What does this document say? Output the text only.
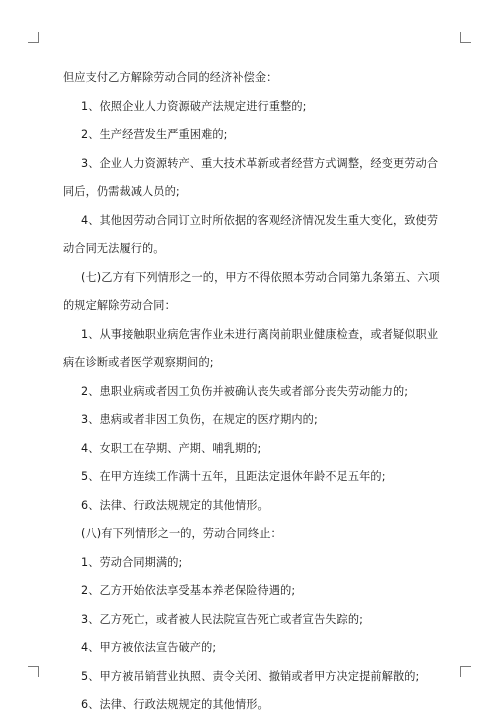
但应支付乙方解除劳动合同的经济补偿金：

1、依照企业人力资源破产法规定进行重整的;

2、生产经营发生严重困难的;

3、企业人力资源转产、重大技术革新或者经营方式调整，经变更劳动合同后，仍需裁减人员的;

4、其他因劳动合同订立时所依据的客观经济情况发生重大变化，致使劳动合同无法履行的。

(七)乙方有下列情形之一的，甲方不得依照本劳动合同第九条第五、六项的规定解除劳动合同：

1、从事接触职业病危害作业未进行离岗前职业健康检查，或者疑似职业病在诊断或者医学观察期间的;

2、患职业病或者因工负伤并被确认丧失或者部分丧失劳动能力的;

3、患病或者非因工负伤，在规定的医疗期内的;

4、女职工在孕期、产期、哺乳期的;

5、在甲方连续工作满十五年，且距法定退休年龄不足五年的;

6、法律、行政法规规定的其他情形。

(八)有下列情形之一的，劳动合同终止：

1、劳动合同期满的;

2、乙方开始依法享受基本养老保险待遇的;

3、乙方死亡，或者被人民法院宣告死亡或者宣告失踪的;

4、甲方被依法宣告破产的;

5、甲方被吊销营业执照、责令关闭、撤销或者甲方决定提前解散的;

6、法律、行政法规规定的其他情形。
